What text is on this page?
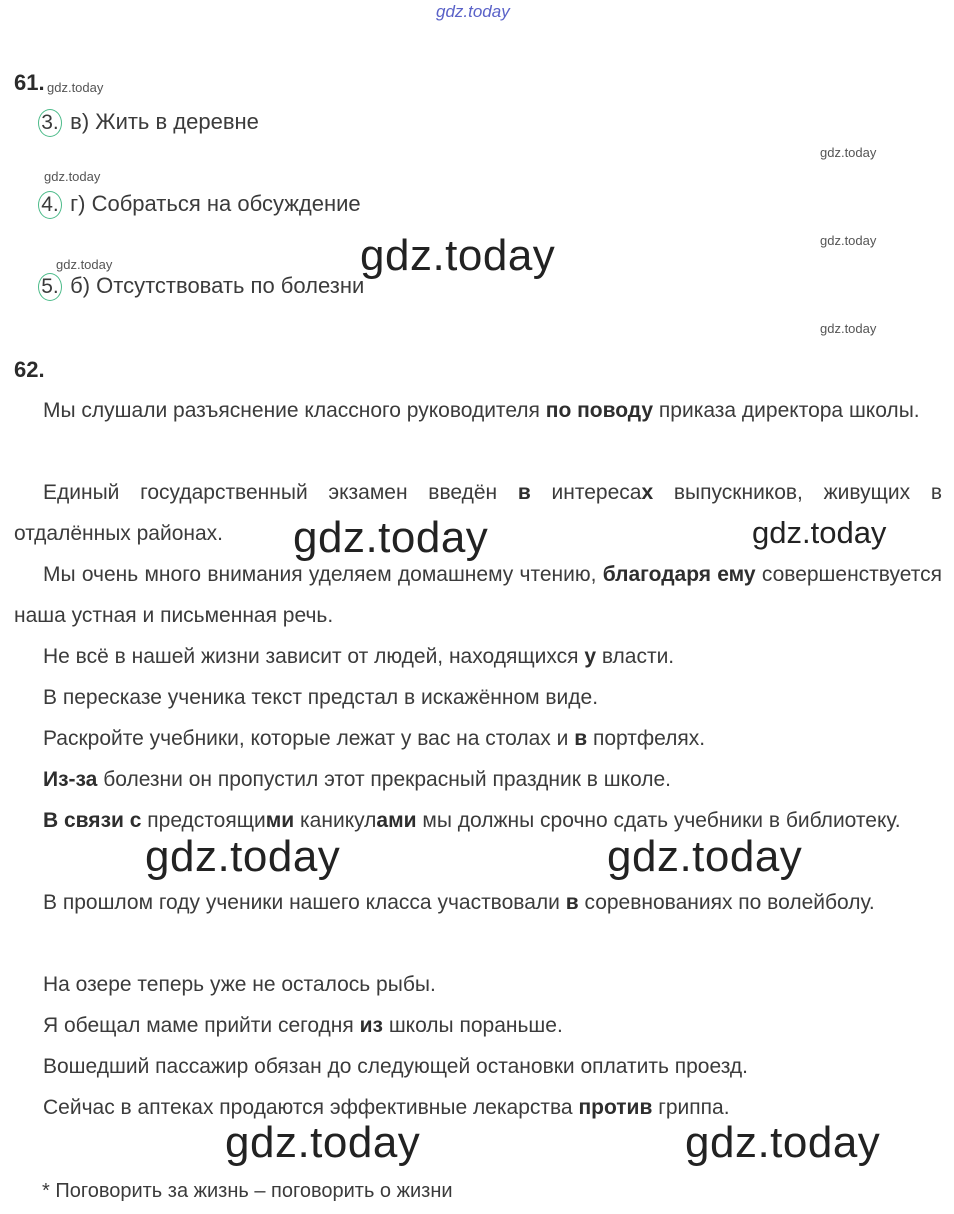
gdz.today
61. gdz.today
3. в) Жить в деревне
gdz.today
gdz.today
4. г) Собраться на обсуждение
gdz.today
gdz.today
gdz.today
5. б) Отсутствовать по болезни
gdz.today
62.
Мы слушали разъяснение классного руководителя по поводу приказа директора школы.
Единый государственный экзамен введён в интересах выпускников, живущих в отдалённых районах.
Мы очень много внимания уделяем домашнему чтению, благодаря ему совершенствуется наша устная и письменная речь.
Не всё в нашей жизни зависит от людей, находящихся у власти.
В пересказе ученика текст предстал в искажённом виде.
Раскройте учебники, которые лежат у вас на столах и в портфелях.
Из-за болезни он пропустил этот прекрасный праздник в школе.
В связи с предстоящими каникулами мы должны срочно сдать учебники в библиотеку.
В прошлом году ученики нашего класса участвовали в соревнованиях по волейболу.
На озере теперь уже не осталось рыбы.
Я обещал маме прийти сегодня из школы пораньше.
Вошедший пассажир обязан до следующей остановки оплатить проезд.
Сейчас в аптеках продаются эффективные лекарства против гриппа.
gdz.today	gdz.today
gdz.today	gdz.today
gdz.today	gdz.today
* Поговорить за жизнь – поговорить о жизни
